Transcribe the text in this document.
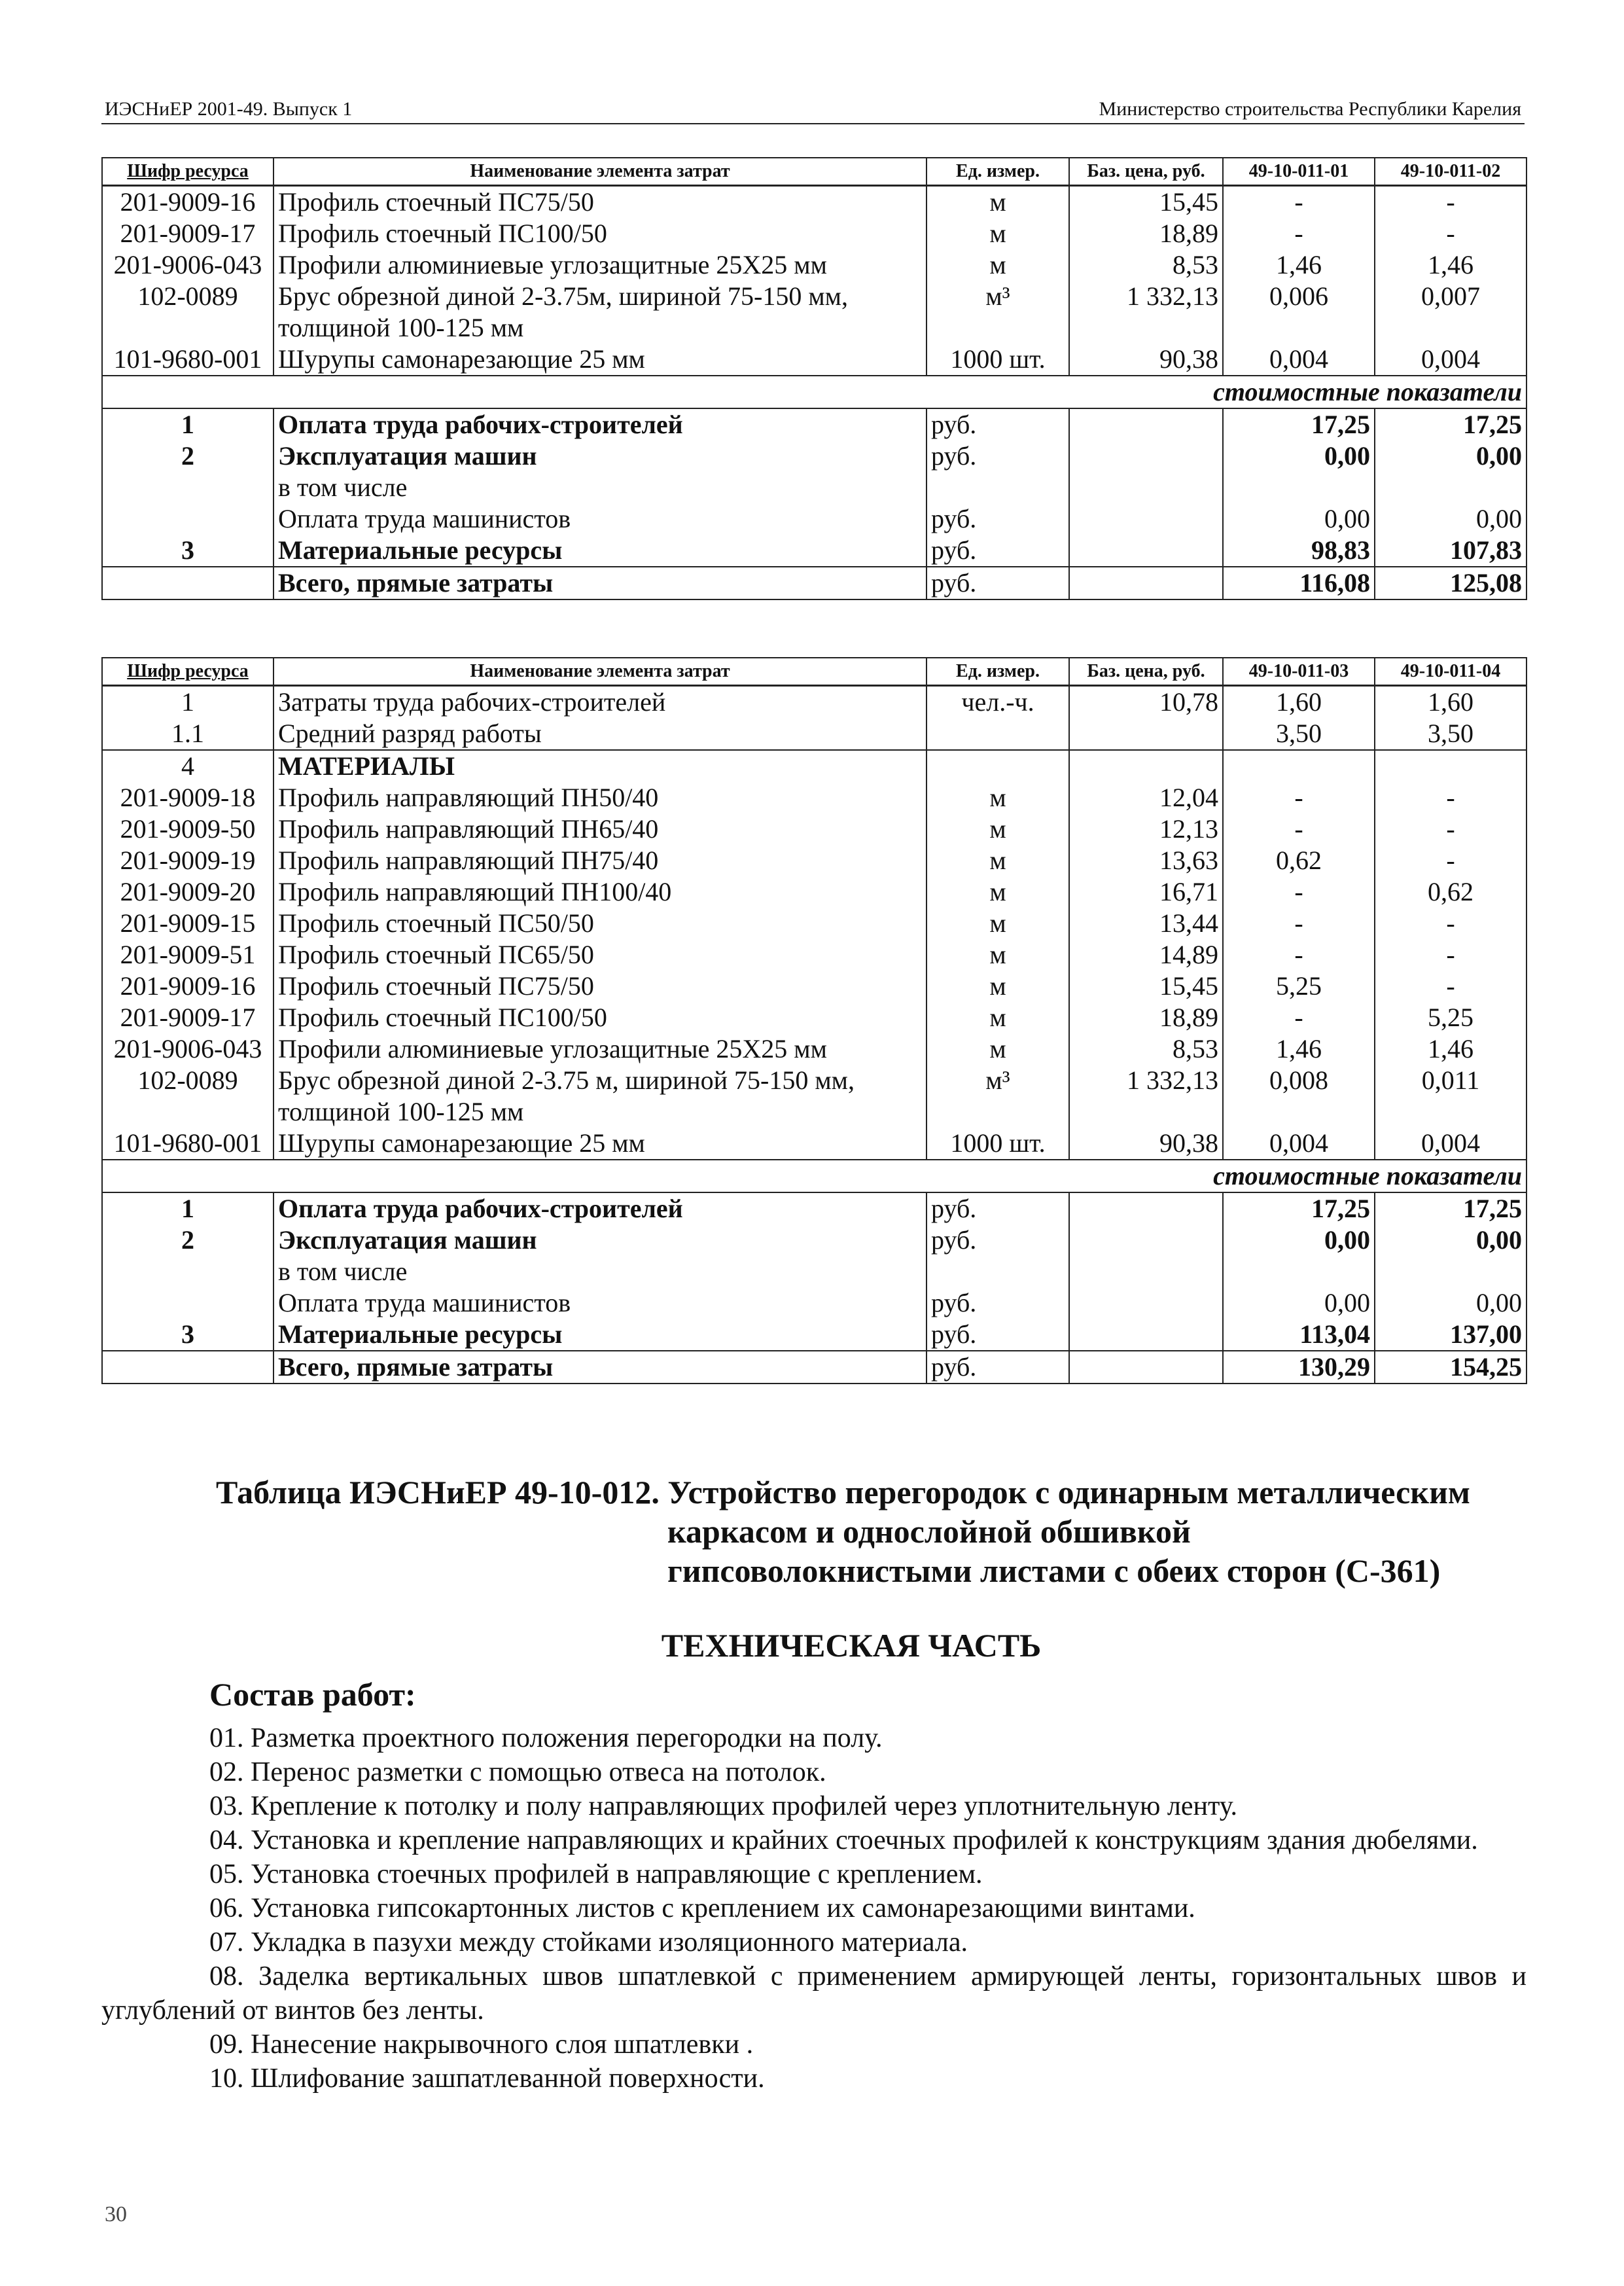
ИЭСНиЕР 2001-49. Выпуск 1	Министерство строительства Республики Карелия
Шифр ресурса	Наименование элемента затрат	Ед. измер.	Баз. цена, руб.	49-10-011-01	49-10-011-02
201-9009-16	Профиль стоечный ПС75/50	м	15,45	-	-
201-9009-17	Профиль стоечный ПС100/50	м	18,89	-	-
201-9006-043	Профили алюминиевые углозащитные 25Х25 мм	м	8,53	1,46	1,46
102-0089	Брус обрезной диной 2-3.75м, шириной 75-150 мм, толщиной 100-125 мм	м³	1 332,13	0,006	0,007
101-9680-001	Шурупы самонарезающие 25 мм	1000 шт.	90,38	0,004	0,004
стоимостные показатели					
1	Оплата труда рабочих-строителей	руб.		17,25	17,25
2	Эксплуатация машин	руб.		0,00	0,00
	в том числе				
	Оплата труда машинистов	руб.		0,00	0,00
3	Материальные ресурсы	руб.		98,83	107,83
	Всего, прямые затраты	руб.		116,08	125,08
Шифр ресурса	Наименование элемента затрат	Ед. измер.	Баз. цена, руб.	49-10-011-03	49-10-011-04
1	Затраты труда рабочих-строителей	чел.-ч.	10,78	1,60	1,60
1.1	Средний разряд работы			3,50	3,50
4	МАТЕРИАЛЫ				
201-9009-18	Профиль направляющий ПН50/40	м	12,04	-	-
201-9009-50	Профиль направляющий ПН65/40	м	12,13	-	-
201-9009-19	Профиль направляющий ПН75/40	м	13,63	0,62	-
201-9009-20	Профиль направляющий ПН100/40	м	16,71	-	0,62
201-9009-15	Профиль стоечный ПС50/50	м	13,44	-	-
201-9009-51	Профиль стоечный ПС65/50	м	14,89	-	-
201-9009-16	Профиль стоечный ПС75/50	м	15,45	5,25	-
201-9009-17	Профиль стоечный ПС100/50	м	18,89	-	5,25
201-9006-043	Профили алюминиевые углозащитные 25Х25 мм	м	8,53	1,46	1,46
102-0089	Брус обрезной диной 2-3.75 м, шириной 75-150 мм, толщиной 100-125 мм	м³	1 332,13	0,008	0,011
101-9680-001	Шурупы самонарезающие 25 мм	1000 шт.	90,38	0,004	0,004
стоимостные показатели					
1	Оплата труда рабочих-строителей	руб.		17,25	17,25
2	Эксплуатация машин	руб.		0,00	0,00
	в том числе				
	Оплата труда машинистов	руб.		0,00	0,00
3	Материальные ресурсы	руб.		113,04	137,00
	Всего, прямые затраты	руб.		130,29	154,25
Таблица ИЭСНиЕР 49-10-012. Устройство перегородок с одинарным металлическим
каркасом и однослойной обшивкой
гипсоволокнистыми листами с обеих сторон (С-361)
ТЕХНИЧЕСКАЯ ЧАСТЬ
Состав работ:

01. Разметка проектного положения перегородки на полу.

02. Перенос разметки с помощью отвеса на потолок.

03. Крепление к потолку и полу направляющих профилей через уплотнительную ленту.

04. Установка и крепление направляющих и крайних стоечных профилей к конструкциям здания дюбелями.

05. Установка стоечных профилей в направляющие с креплением.

06. Установка гипсокартонных листов с креплением их самонарезающими винтами.

07. Укладка в пазухи между стойками изоляционного материала.

08. Заделка вертикальных швов шпатлевкой с применением армирующей ленты, горизонтальных швов и углублений от винтов без ленты.

09. Нанесение накрывочного слоя шпатлевки .

10. Шлифование зашпатлеванной поверхности.

30
